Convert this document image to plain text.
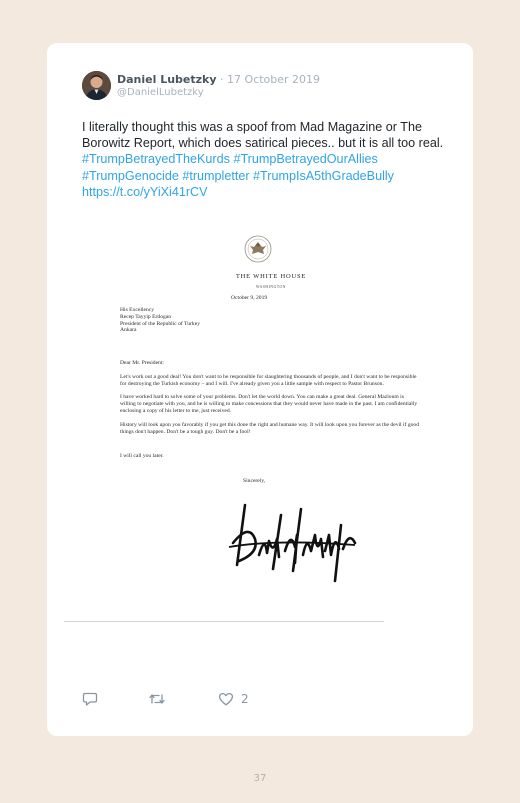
Daniel Lubetzky · 17 October 2019
@DanielLubetzky
I literally thought this was a spoof from Mad Magazine or The Borowitz Report, which does satirical pieces.. but it is all too real. #TrumpBetrayedTheKurds #TrumpBetrayedOurAllies #TrumpGenocide #trumpletter #TrumpIsA5thGradeBully https://t.co/yYiXi41rCV
THE WHITE HOUSE
WASHINGTON
October 9, 2019
His Excellency
Recep Tayyip Erdogan
President of the Republic of Turkey
Ankara
Dear Mr. President:
Let's work out a good deal! You don't want to be responsible for slaughtering thousands of people, and I don't want to be responsible for destroying the Turkish economy – and I will. I've already given you a little sample with respect to Pastor Brunson.
I have worked hard to solve some of your problems. Don't let the world down. You can make a great deal. General Mazloum is willing to negotiate with you, and he is willing to make concessions that they would never have made in the past. I am confidentially enclosing a copy of his letter to me, just received.
History will look upon you favorably if you get this done the right and humane way. It will look upon you forever as the devil if good things don't happen. Don't be a tough guy. Don't be a fool!
I will call you later.
Sincerely,
2
37
